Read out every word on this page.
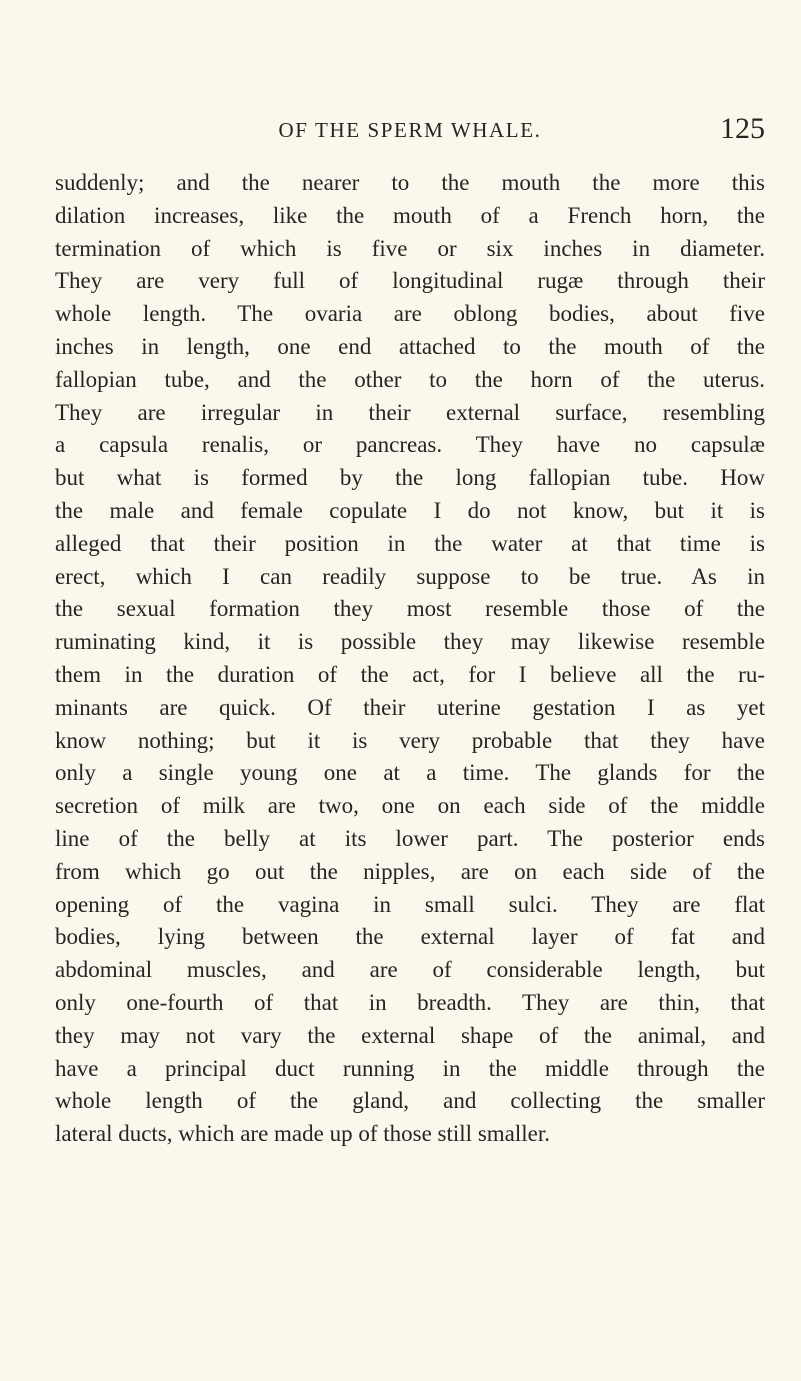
OF THE SPERM WHALE.	125
suddenly; and the nearer to the mouth the more this
dilation increases, like the mouth of a French horn, the
termination of which is five or six inches in diameter.
They are very full of longitudinal rugæ through their
whole length. The ovaria are oblong bodies, about five
inches in length, one end attached to the mouth of the
fallopian tube, and the other to the horn of the uterus.
They are irregular in their external surface, resembling
a capsula renalis, or pancreas. They have no capsulæ
but what is formed by the long fallopian tube. How
the male and female copulate I do not know, but it is
alleged that their position in the water at that time is
erect, which I can readily suppose to be true. As in
the sexual formation they most resemble those of the
ruminating kind, it is possible they may likewise resemble
them in the duration of the act, for I believe all the ru-
minants are quick. Of their uterine gestation I as yet
know nothing; but it is very probable that they have
only a single young one at a time. The glands for the
secretion of milk are two, one on each side of the middle
line of the belly at its lower part. The posterior ends
from which go out the nipples, are on each side of the
opening of the vagina in small sulci. They are flat
bodies, lying between the external layer of fat and
abdominal muscles, and are of considerable length, but
only one-fourth of that in breadth. They are thin, that
they may not vary the external shape of the animal, and
have a principal duct running in the middle through the
whole length of the gland, and collecting the smaller
lateral ducts, which are made up of those still smaller.
